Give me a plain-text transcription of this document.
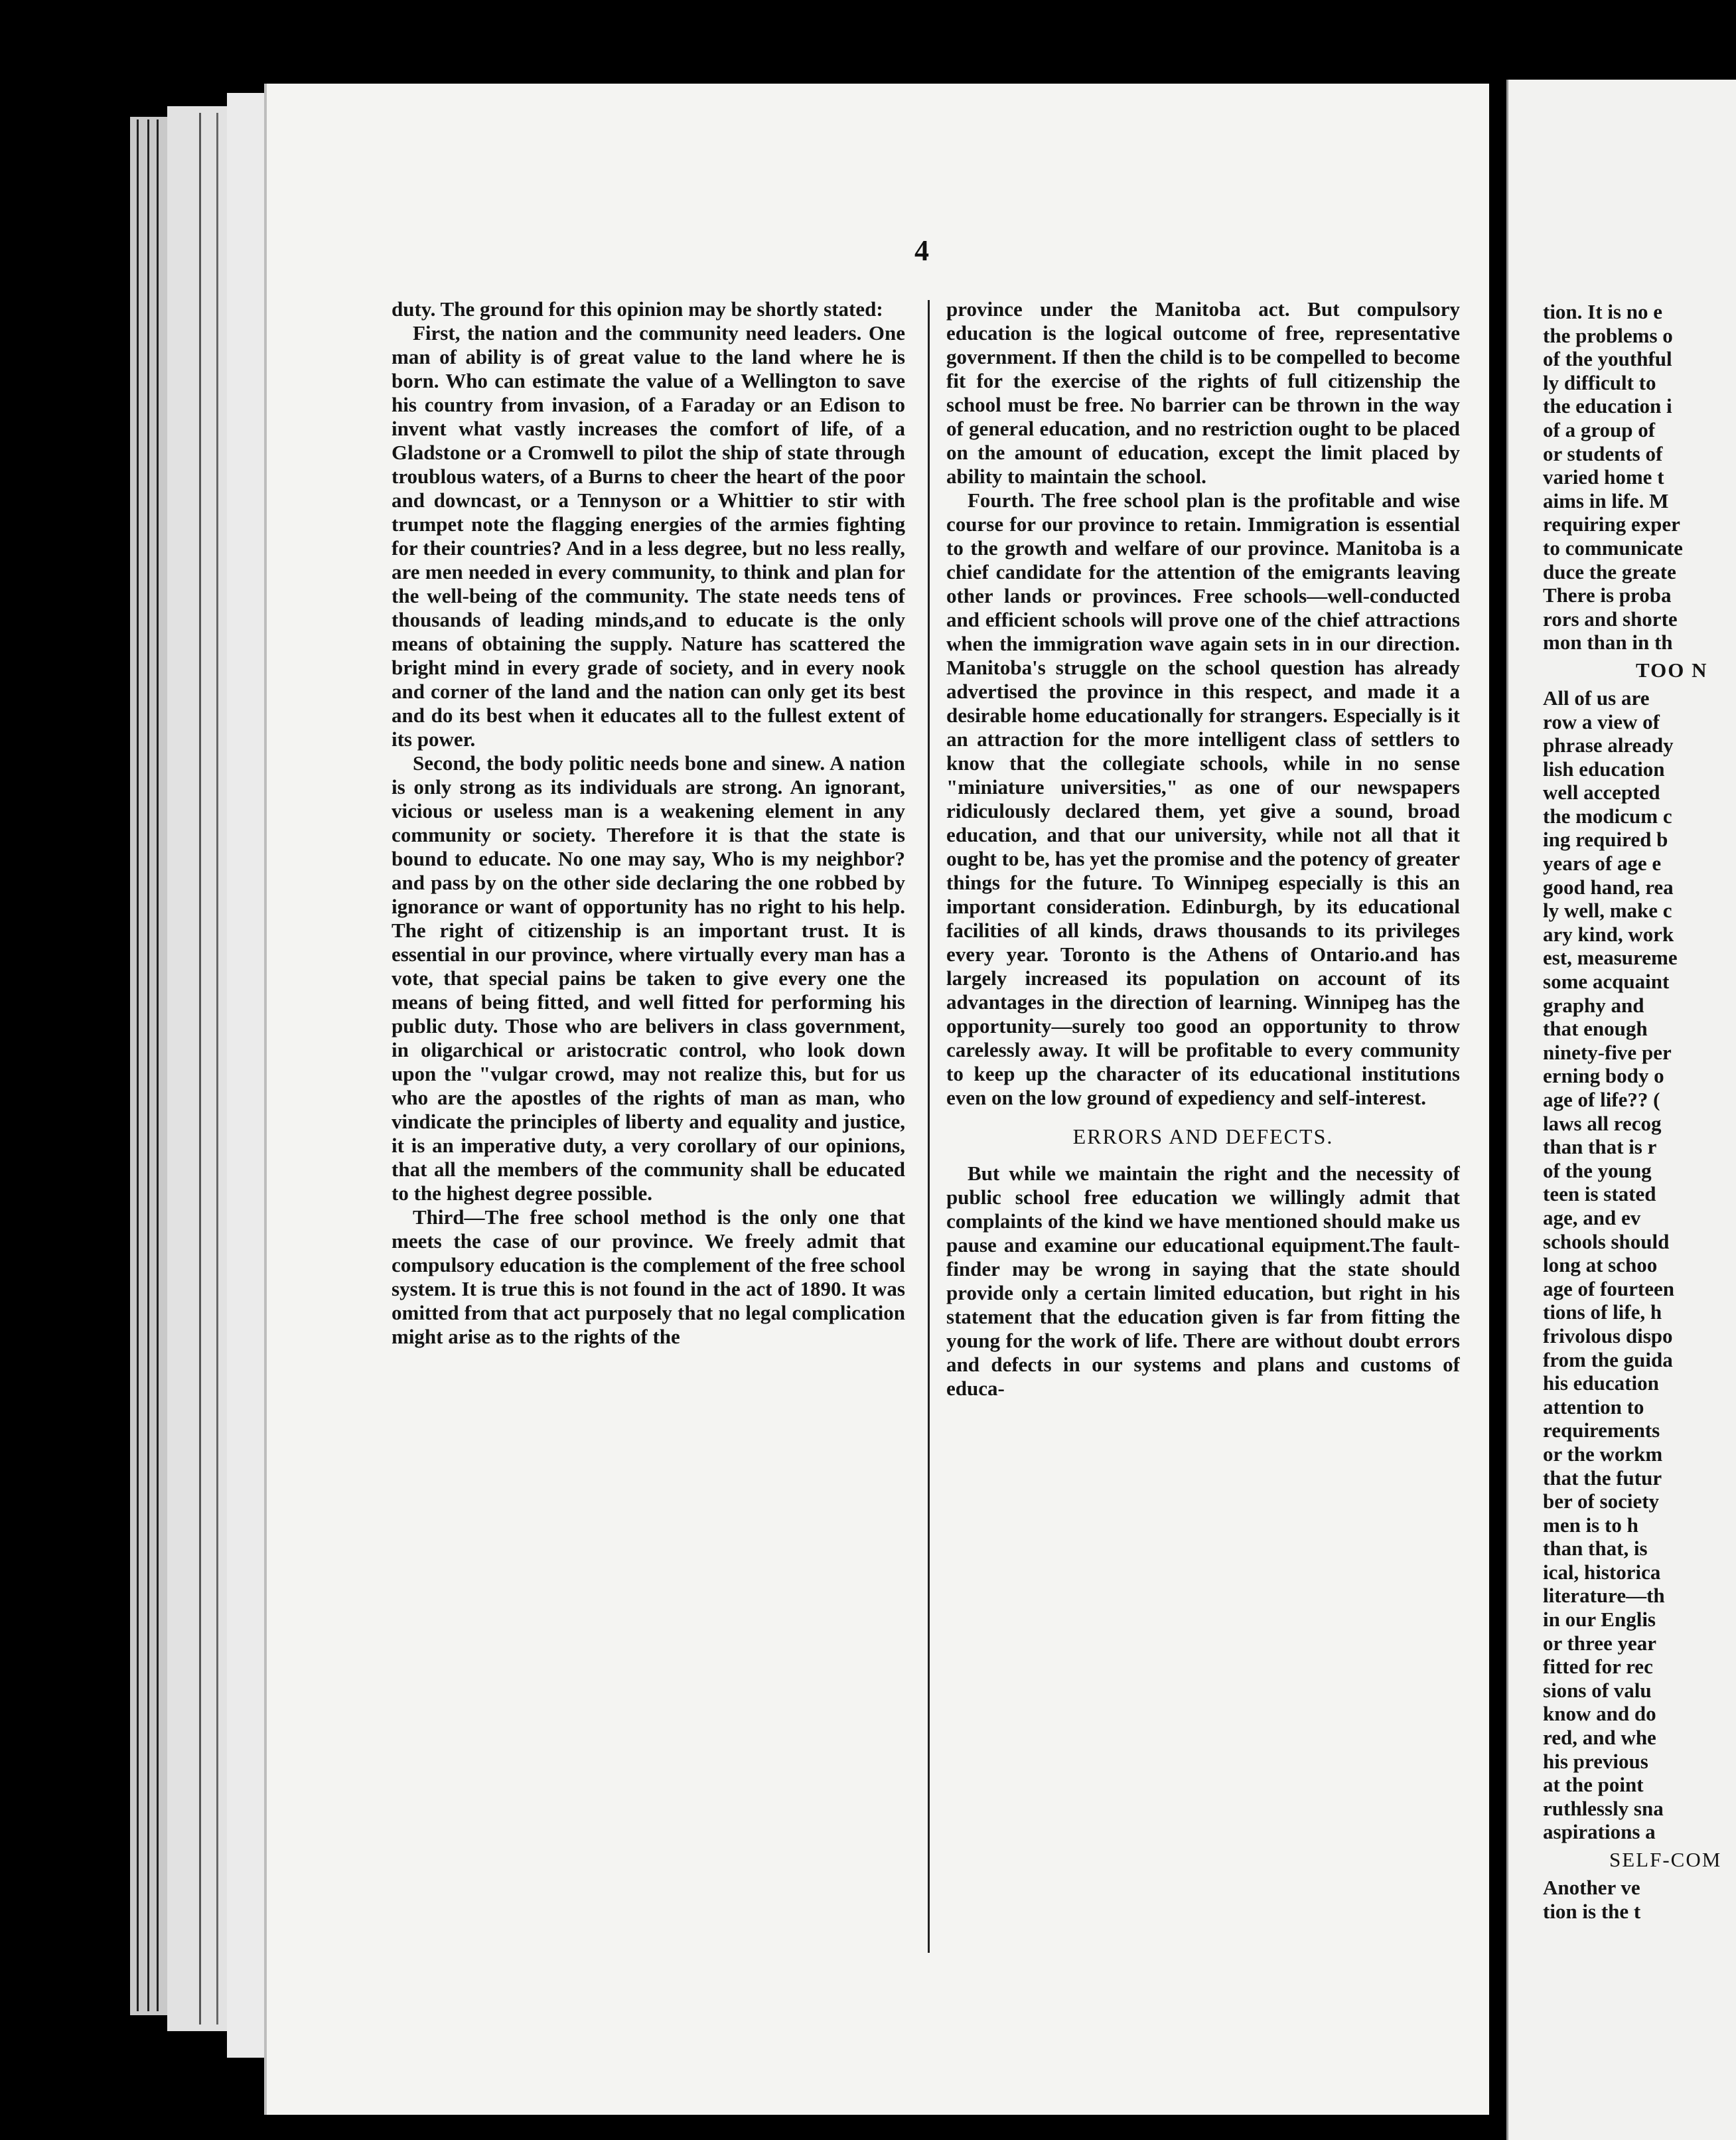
4

duty. The ground for this opinion may be shortly stated:

First, the nation and the community need leaders. One man of ability is of great value to the land where he is born. Who can estimate the value of a Wellington to save his country from invasion, of a Faraday or an Edison to invent what vastly increases the comfort of life, of a Gladstone or a Cromwell to pilot the ship of state through troublous waters, of a Burns to cheer the heart of the poor and downcast, or a Tennyson or a Whittier to stir with trumpet note the flagging energies of the armies fighting for their countries? And in a less degree, but no less really, are men needed in every community, to think and plan for the well-being of the community. The state needs tens of thousands of leading minds,and to educate is the only means of obtaining the supply. Nature has scattered the bright mind in every grade of society, and in every nook and corner of the land and the nation can only get its best and do its best when it educates all to the fullest extent of its power.

Second, the body politic needs bone and sinew. A nation is only strong as its individuals are strong. An ignorant, vicious or useless man is a weakening element in any community or society. Therefore it is that the state is bound to educate. No one may say, Who is my neighbor? and pass by on the other side declaring the one robbed by ignorance or want of opportunity has no right to his help. The right of citizenship is an important trust. It is essential in our province, where virtually every man has a vote, that special pains be taken to give every one the means of being fitted, and well fitted for performing his public duty. Those who are belivers in class government, in oligarchical or aristocratic control, who look down upon the "vulgar crowd, may not realize this, but for us who are the apostles of the rights of man as man, who vindicate the principles of liberty and equality and justice, it is an imperative duty, a very corollary of our opinions, that all the members of the community shall be educated to the highest degree possible.

Third—The free school method is the only one that meets the case of our province. We freely admit that compulsory education is the complement of the free school system. It is true this is not found in the act of 1890. It was omitted from that act purposely that no legal complication might arise as to the rights of the

province under the Manitoba act. But compulsory education is the logical outcome of free, representative government. If then the child is to be compelled to become fit for the exercise of the rights of full citizenship the school must be free. No barrier can be thrown in the way of general education, and no restriction ought to be placed on the amount of education, except the limit placed by ability to maintain the school.

Fourth. The free school plan is the profitable and wise course for our province to retain. Immigration is essential to the growth and welfare of our province. Manitoba is a chief candidate for the attention of the emigrants leaving other lands or provinces. Free schools—well-conducted and efficient schools will prove one of the chief attractions when the immigration wave again sets in in our direction. Manitoba's struggle on the school question has already advertised the province in this respect, and made it a desirable home educationally for strangers. Especially is it an attraction for the more intelligent class of settlers to know that the collegiate schools, while in no sense "miniature universities," as one of our newspapers ridiculously declared them, yet give a sound, broad education, and that our university, while not all that it ought to be, has yet the promise and the potency of greater things for the future. To Winnipeg especially is this an important consideration. Edinburgh, by its educational facilities of all kinds, draws thousands to its privileges every year. Toronto is the Athens of Ontario.and has largely increased its population on account of its advantages in the direction of learning. Winnipeg has the opportunity—surely too good an opportunity to throw carelessly away. It will be profitable to every community to keep up the character of its educational institutions even on the low ground of expediency and self-interest.

ERRORS AND DEFECTS.

But while we maintain the right and the necessity of public school free education we willingly admit that complaints of the kind we have mentioned should make us pause and examine our educational equipment.The fault-finder may be wrong in saying that the state should provide only a certain limited education, but right in his statement that the education given is far from fitting the young for the work of life. There are without doubt errors and defects in our systems and plans and customs of educa-

tion. It is no e
the problems o
of the youthful
ly difficult to
the education i
of a group of
or students of
varied home t
aims in life. M
requiring exper
to communicate
duce the greate
There is proba
rors and shorte
mon than in th
TOO N
All of us are
row a view of
phrase already
lish education
well accepted
the modicum c
ing required b
years of age e
good hand, rea
ly well, make c
ary kind, work
est, measureme
some acquaint
graphy and
that enough
ninety-five per
erning body o
age of life?? (
laws all recog
than that is r
of the young
teen is stated
age, and ev
schools should
long at schoo
age of fourteen
tions of life, h
frivolous dispo
from the guida
his education
attention to
requirements
or the workm
that the futur
ber of society
men is to h
than that, is
ical, historica
literature—th
in our Englis
or three year
fitted for rec
sions of valu
know and do
red, and whe
his previous
at the point
ruthlessly sna
aspirations a
SELF-COM
Another ve
tion is the t
